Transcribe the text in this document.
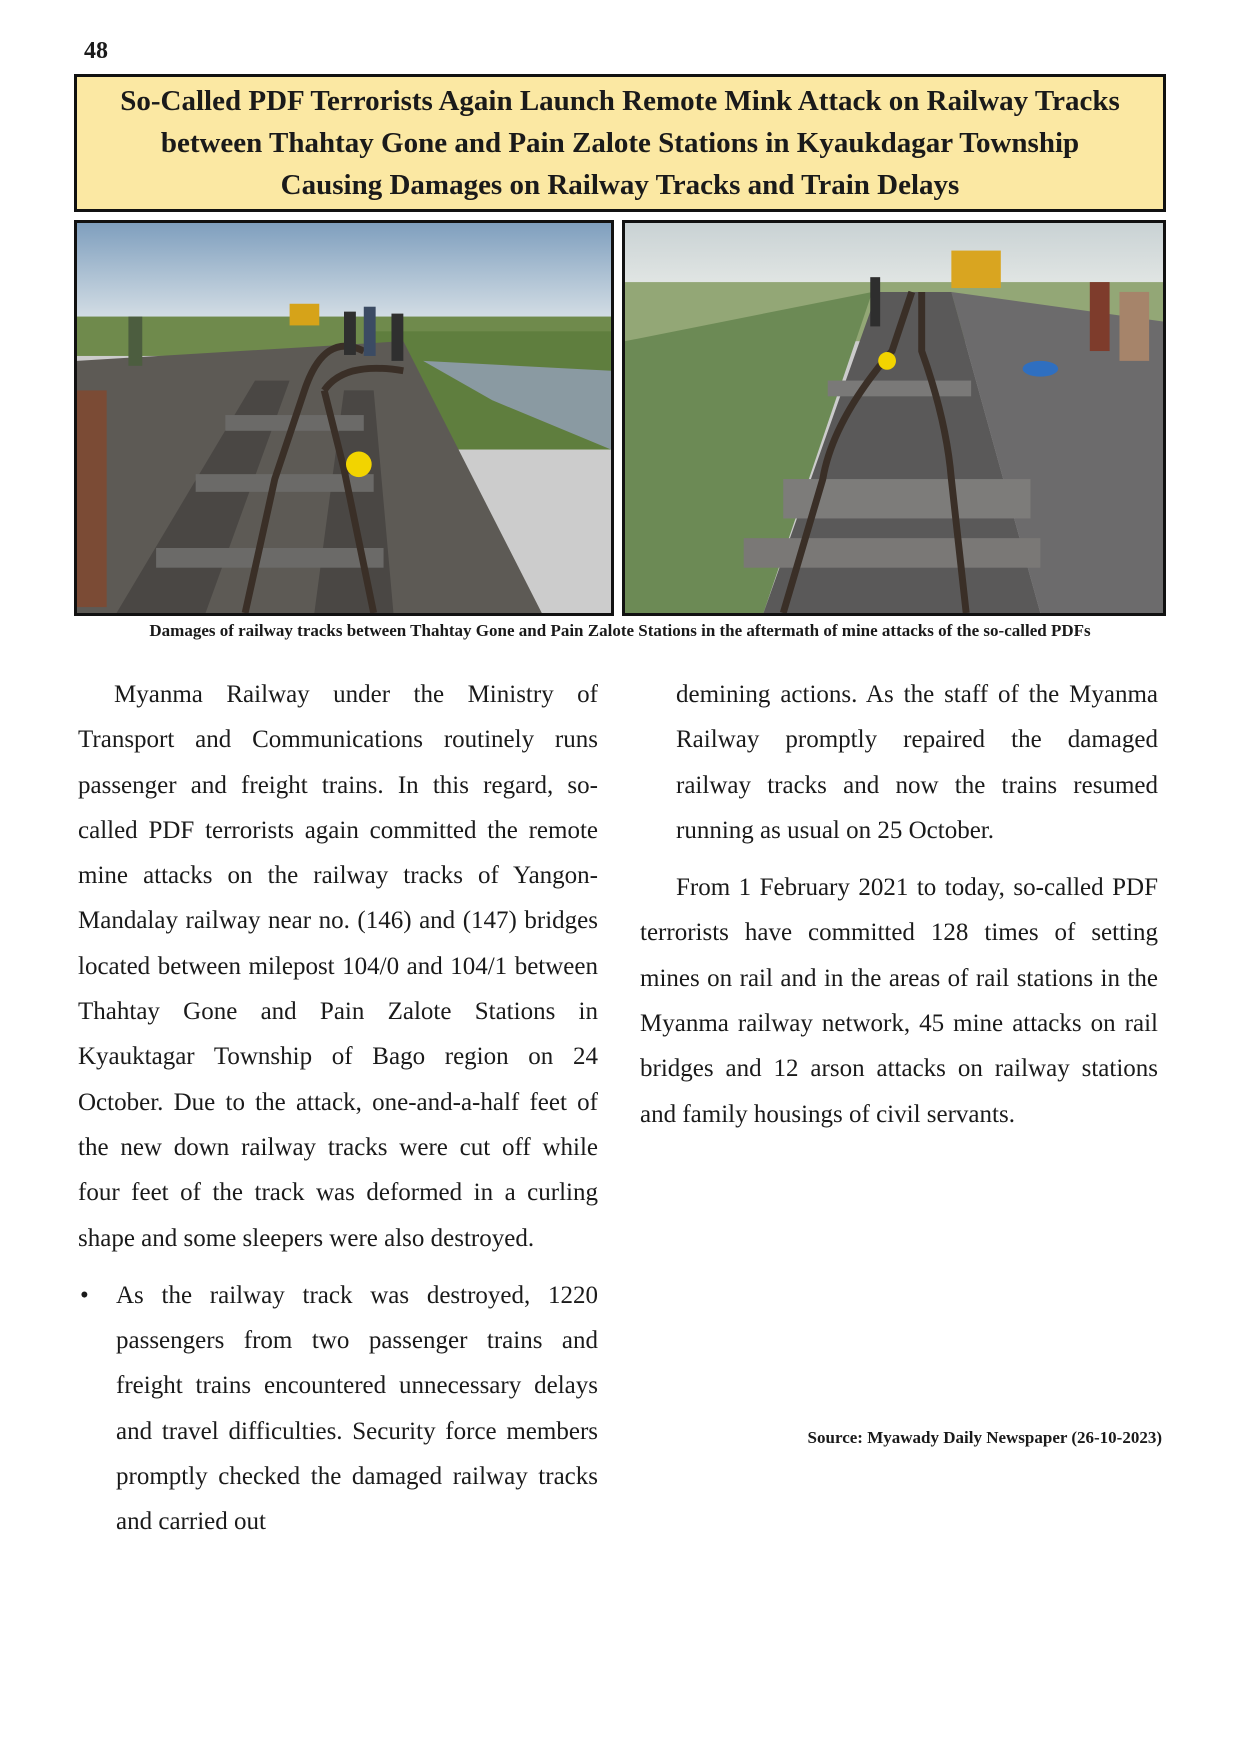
48
So-Called PDF Terrorists Again Launch Remote Mink Attack on Railway Tracks between Thahtay Gone and Pain Zalote Stations in Kyaukdagar Township Causing Damages on Railway Tracks and Train Delays
Damages of railway tracks between Thahtay Gone and Pain Zalote Stations in the aftermath of mine attacks of the so-called PDFs

Myanma Railway under the Ministry of Transport and Communications routinely runs passenger and freight trains. In this regard, so-called PDF terrorists again committed the remote mine attacks on the railway tracks of Yangon-Mandalay railway near no. (146) and (147) bridges located between milepost 104/0 and 104/1 between Thahtay Gone and Pain Zalote Stations in Kyauktagar Township of Bago region on 24 October. Due to the attack, one-and-a-half feet of the new down railway tracks were cut off while four feet of the track was deformed in a curling shape and some sleepers were also destroyed.

• As the railway track was destroyed, 1220 passengers from two passenger trains and freight trains encountered unnecessary delays and travel difficulties. Security force members promptly checked the damaged railway tracks and carried out

demining actions. As the staff of the Myanma Railway promptly repaired the damaged railway tracks and now the trains resumed running as usual on 25 October.

From 1 February 2021 to today, so-called PDF terrorists have committed 128 times of setting mines on rail and in the areas of rail stations in the Myanma railway network, 45 mine attacks on rail bridges and 12 arson attacks on railway stations and family housings of civil servants.

Source: Myawady Daily Newspaper (26-10-2023)
